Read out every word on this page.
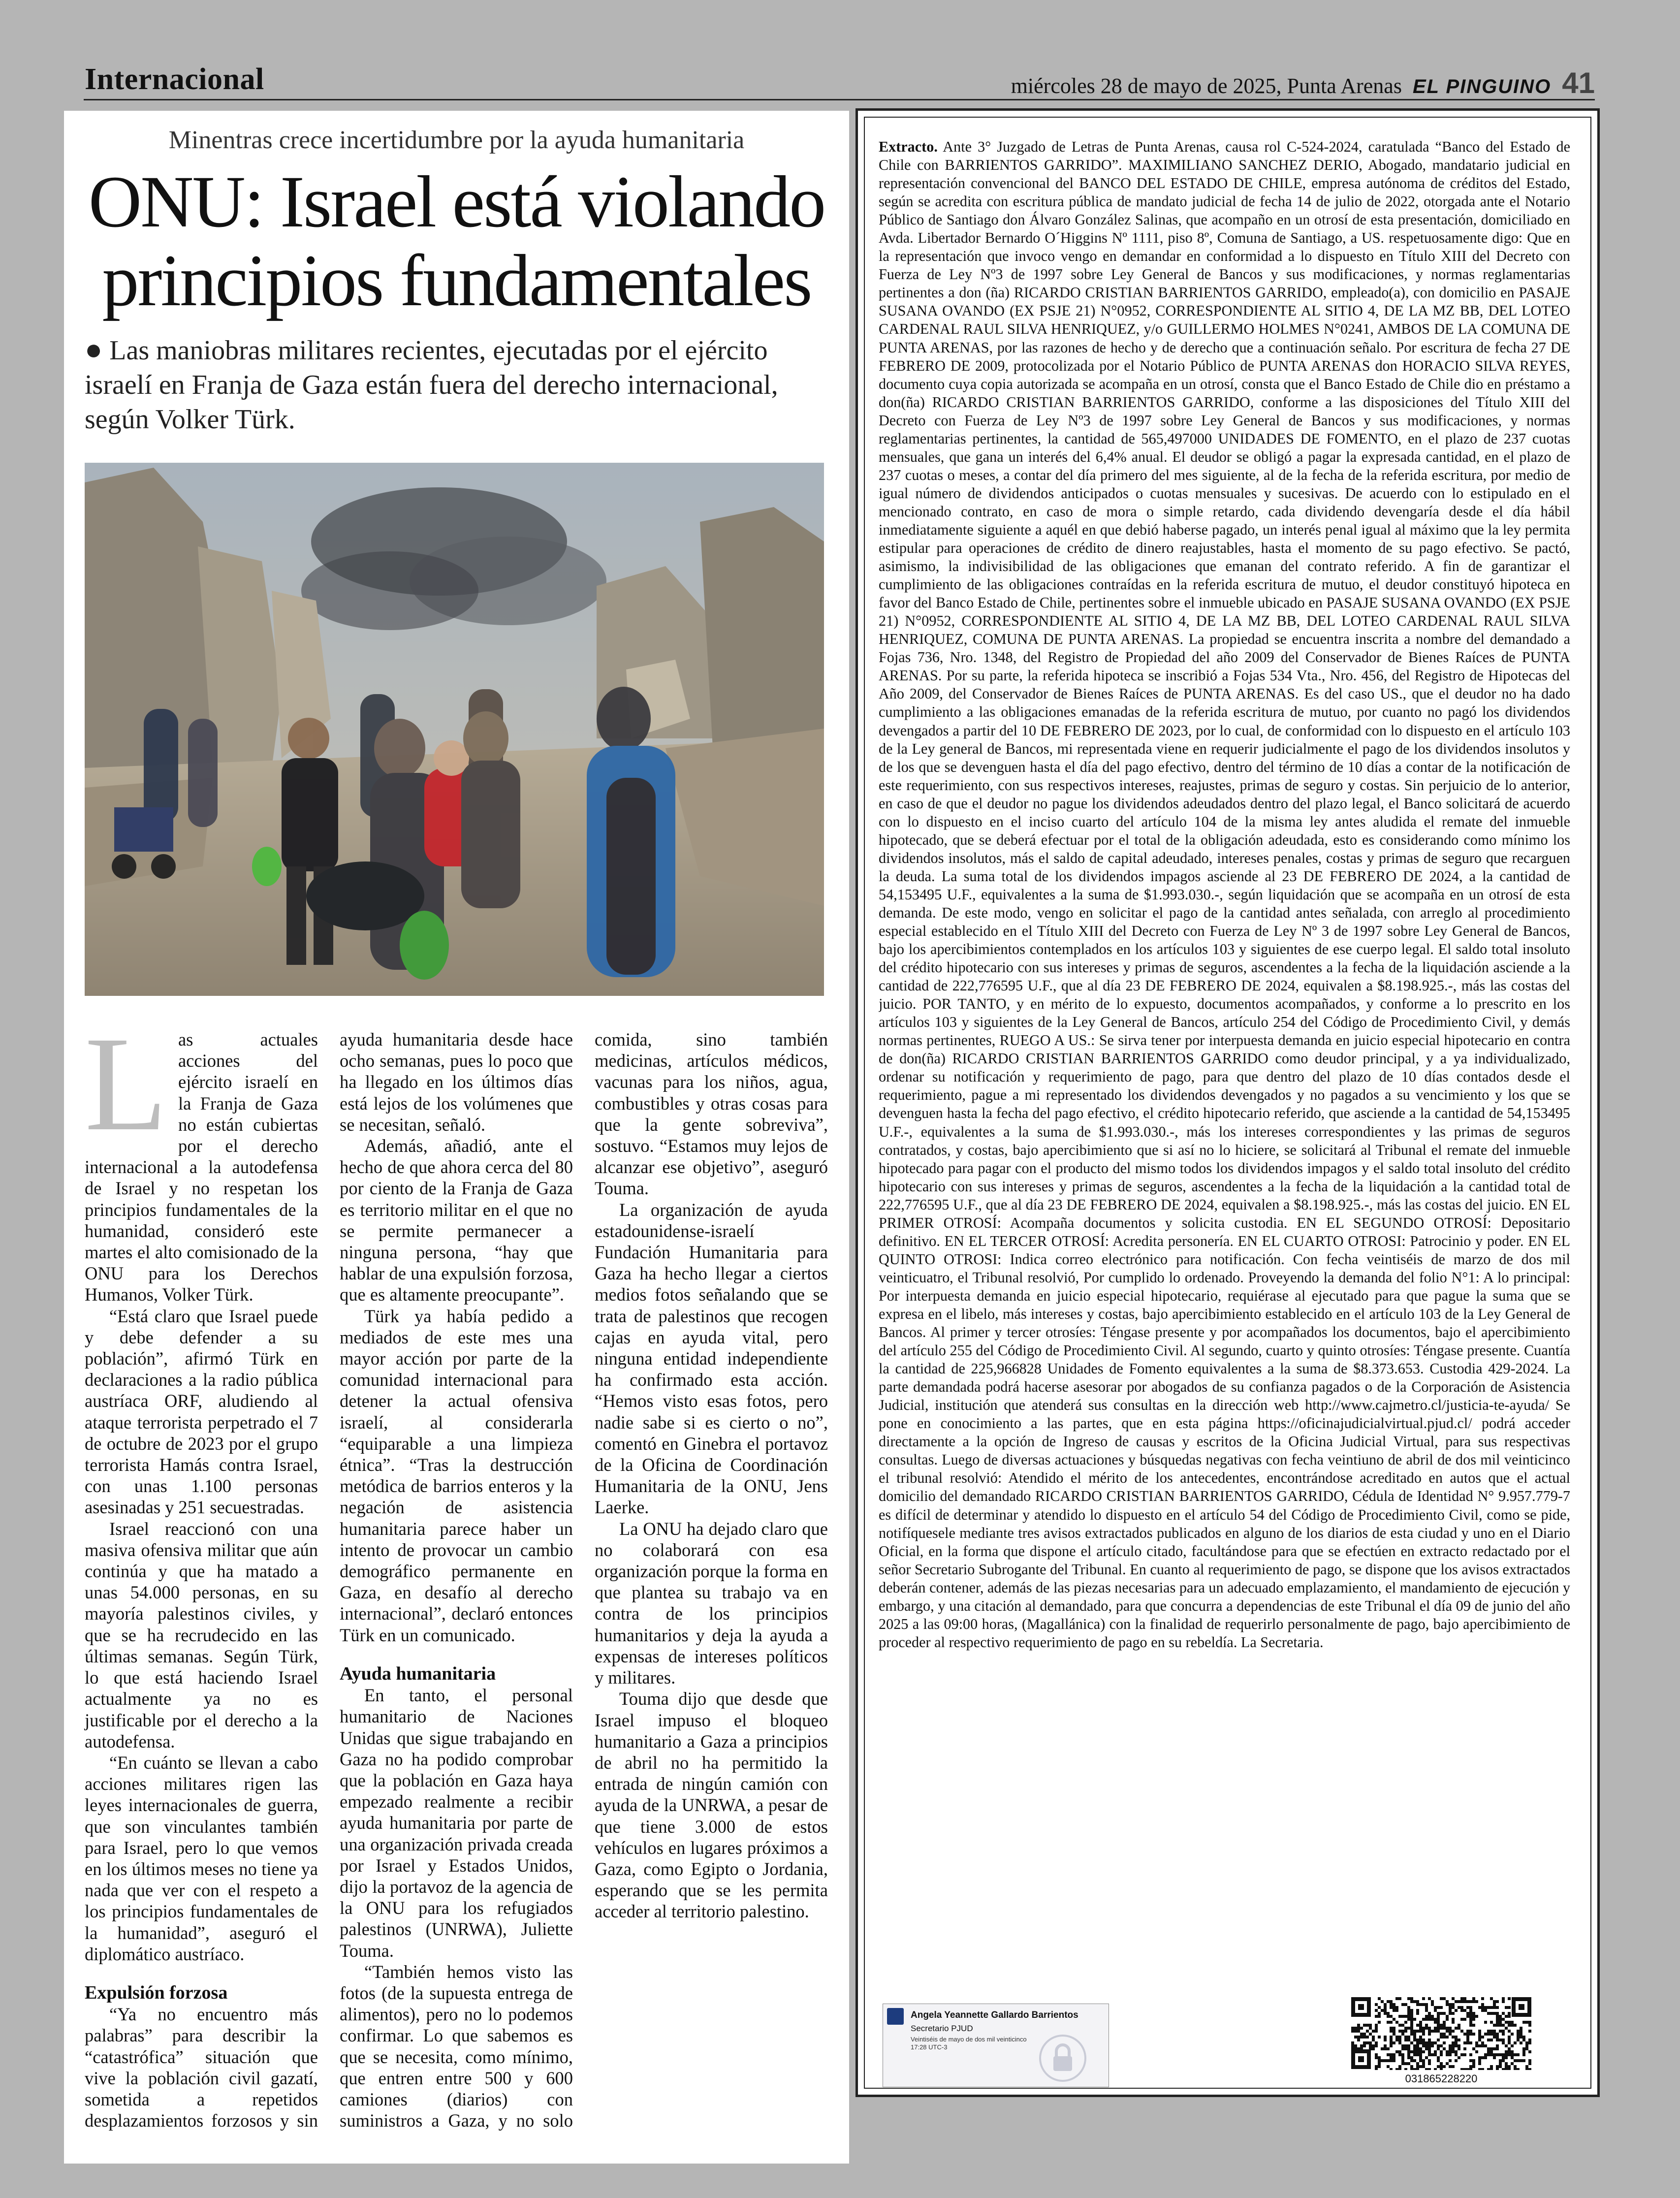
Internacional	miércoles 28 de mayo de 2025, Punta Arenas EL PINGUINO 41
Minentras crece incertidumbre por la ayuda humanitaria
ONU: Israel está violando
principios fundamentales
● Las maniobras militares recientes, ejecutadas por el ejército israelí en Franja de Gaza están fuera del derecho internacional, según Volker Türk.

Las actuales acciones del ejército israelí en la Franja de Gaza no están cubiertas por el derecho internacional a la autodefensa de Israel y no respetan los principios fundamentales de la humanidad, consideró este martes el alto comisionado de la ONU para los Derechos Humanos, Volker Türk.

“Está claro que Israel puede y debe defender a su población”, afirmó Türk en declaraciones a la radio pública austríaca ORF, aludiendo al ataque terrorista perpetrado el 7 de octubre de 2023 por el grupo terrorista Hamás contra Israel, con unas 1.100 personas asesinadas y 251 secuestradas.

Israel reaccionó con una masiva ofensiva militar que aún continúa y que ha matado a unas 54.000 personas, en su mayoría palestinos civiles, y que se ha recrudecido en las últimas semanas. Según Türk, lo que está haciendo Israel actualmente ya no es justificable por el derecho a la autodefensa.

“En cuánto se llevan a cabo acciones militares rigen las leyes internacionales de guerra, que son vinculantes también para Israel, pero lo que vemos en los últimos meses no tiene ya nada que ver con el respeto a los principios fundamentales de la humanidad”, aseguró el diplomático austríaco.

Expulsión forzosa

“Ya no encuentro más palabras” para describir la “catastrófica” situación que vive la población civil gazatí, sometida a repetidos desplazamientos forzosos y sin ayuda humanitaria desde hace ocho semanas, pues lo poco que ha llegado en los últimos días está lejos de los volúmenes que se necesitan, señaló.

Además, añadió, ante el hecho de que ahora cerca del 80 por ciento de la Franja de Gaza es territorio militar en el que no se permite permanecer a ninguna persona, “hay que hablar de una expulsión forzosa, que es altamente preocupante”.

Türk ya había pedido a mediados de este mes una mayor acción por parte de la comunidad internacional para detener la actual ofensiva israelí, al considerarla “equiparable a una limpieza étnica”. “Tras la destrucción metódica de barrios enteros y la negación de asistencia humanitaria parece haber un intento de provocar un cambio demográfico permanente en Gaza, en desafío al derecho internacional”, declaró entonces Türk en un comunicado.

Ayuda humanitaria

En tanto, el personal humanitario de Naciones Unidas que sigue trabajando en Gaza no ha podido comprobar que la población en Gaza haya empezado realmente a recibir ayuda humanitaria por parte de una organización privada creada por Israel y Estados Unidos, dijo la portavoz de la agencia de la ONU para los refugiados palestinos (UNRWA), Juliette Touma.

“También hemos visto las fotos (de la supuesta entrega de alimentos), pero no lo podemos confirmar. Lo que sabemos es que se necesita, como mínimo, que entren entre 500 y 600 camiones (diarios) con suministros a Gaza, y no solo comida, sino también medicinas, artículos médicos, vacunas para los niños, agua, combustibles y otras cosas para que la gente sobreviva”, sostuvo. “Estamos muy lejos de alcanzar ese objetivo”, aseguró Touma.

La organización de ayuda estadounidense-israelí Fundación Humanitaria para Gaza ha hecho llegar a ciertos medios fotos señalando que se trata de palestinos que recogen cajas en ayuda vital, pero ninguna entidad independiente ha confirmado esta acción. “Hemos visto esas fotos, pero nadie sabe si es cierto o no”, comentó en Ginebra el portavoz de la Oficina de Coordinación Humanitaria de la ONU, Jens Laerke.

La ONU ha dejado claro que no colaborará con esa organización porque la forma en que plantea su trabajo va en contra de los principios humanitarios y deja la ayuda a expensas de intereses políticos y militares.

Touma dijo que desde que Israel impuso el bloqueo humanitario a Gaza a principios de abril no ha permitido la entrada de ningún camión con ayuda de la UNRWA, a pesar de que tiene 3.000 de estos vehículos en lugares próximos a Gaza, como Egipto o Jordania, esperando que se les permita acceder al territorio palestino.

Extracto. Ante 3° Juzgado de Letras de Punta Arenas, causa rol C-524-2024, caratulada “Banco del Estado de Chile con BARRIENTOS GARRIDO”. MAXIMILIANO SANCHEZ DERIO, Abogado, mandatario judicial en representación convencional del BANCO DEL ESTADO DE CHILE, empresa autónoma de créditos del Estado, según se acredita con escritura pública de mandato judicial de fecha 14 de julio de 2022, otorgada ante el Notario Público de Santiago don Álvaro González Salinas, que acompaño en un otrosí de esta presentación, domiciliado en Avda. Libertador Bernardo O´Higgins Nº 1111, piso 8º, Comuna de Santiago, a US. respetuosamente digo: Que en la representación que invoco vengo en demandar en conformidad a lo dispuesto en Título XIII del Decreto con Fuerza de Ley Nº3 de 1997 sobre Ley General de Bancos y sus modificaciones, y normas reglamentarias pertinentes a don (ña) RICARDO CRISTIAN BARRIENTOS GARRIDO, empleado(a), con domicilio en PASAJE SUSANA OVANDO (EX PSJE 21) N°0952, CORRESPONDIENTE AL SITIO 4, DE LA MZ BB, DEL LOTEO CARDENAL RAUL SILVA HENRIQUEZ, y/o GUILLERMO HOLMES N°0241, AMBOS DE LA COMUNA DE PUNTA ARENAS, por las razones de hecho y de derecho que a continuación señalo. Por escritura de fecha 27 DE FEBRERO DE 2009, protocolizada por el Notario Público de PUNTA ARENAS don HORACIO SILVA REYES, documento cuya copia autorizada se acompaña en un otrosí, consta que el Banco Estado de Chile dio en préstamo a don(ña) RICARDO CRISTIAN BARRIENTOS GARRIDO, conforme a las disposiciones del Título XIII del Decreto con Fuerza de Ley Nº3 de 1997 sobre Ley General de Bancos y sus modificaciones, y normas reglamentarias pertinentes, la cantidad de 565,497000 UNIDADES DE FOMENTO, en el plazo de 237 cuotas mensuales, que gana un interés del 6,4% anual. El deudor se obligó a pagar la expresada cantidad, en el plazo de 237 cuotas o meses, a contar del día primero del mes siguiente, al de la fecha de la referida escritura, por medio de igual número de dividendos anticipados o cuotas mensuales y sucesivas. De acuerdo con lo estipulado en el mencionado contrato, en caso de mora o simple retardo, cada dividendo devengaría desde el día hábil inmediatamente siguiente a aquél en que debió haberse pagado, un interés penal igual al máximo que la ley permita estipular para operaciones de crédito de dinero reajustables, hasta el momento de su pago efectivo. Se pactó, asimismo, la indivisibilidad de las obligaciones que emanan del contrato referido. A fin de garantizar el cumplimiento de las obligaciones contraídas en la referida escritura de mutuo, el deudor constituyó hipoteca en favor del Banco Estado de Chile, pertinentes sobre el inmueble ubicado en PASAJE SUSANA OVANDO (EX PSJE 21) N°0952, CORRESPONDIENTE AL SITIO 4, DE LA MZ BB, DEL LOTEO CARDENAL RAUL SILVA HENRIQUEZ, COMUNA DE PUNTA ARENAS. La propiedad se encuentra inscrita a nombre del demandado a Fojas 736, Nro. 1348, del Registro de Propiedad del año 2009 del Conservador de Bienes Raíces de PUNTA ARENAS. Por su parte, la referida hipoteca se inscribió a Fojas 534 Vta., Nro. 456, del Registro de Hipotecas del Año 2009, del Conservador de Bienes Raíces de PUNTA ARENAS. Es del caso US., que el deudor no ha dado cumplimiento a las obligaciones emanadas de la referida escritura de mutuo, por cuanto no pagó los dividendos devengados a partir del 10 DE FEBRERO DE 2023, por lo cual, de conformidad con lo dispuesto en el artículo 103 de la Ley general de Bancos, mi representada viene en requerir judicialmente el pago de los dividendos insolutos y de los que se devenguen hasta el día del pago efectivo, dentro del término de 10 días a contar de la notificación de este requerimiento, con sus respectivos intereses, reajustes, primas de seguro y costas. Sin perjuicio de lo anterior, en caso de que el deudor no pague los dividendos adeudados dentro del plazo legal, el Banco solicitará de acuerdo con lo dispuesto en el inciso cuarto del artículo 104 de la misma ley antes aludida el remate del inmueble hipotecado, que se deberá efectuar por el total de la obligación adeudada, esto es considerando como mínimo los dividendos insolutos, más el saldo de capital adeudado, intereses penales, costas y primas de seguro que recarguen la deuda. La suma total de los dividendos impagos asciende al 23 DE FEBRERO DE 2024, a la cantidad de 54,153495 U.F., equivalentes a la suma de $1.993.030.-, según liquidación que se acompaña en un otrosí de esta demanda. De este modo, vengo en solicitar el pago de la cantidad antes señalada, con arreglo al procedimiento especial establecido en el Título XIII del Decreto con Fuerza de Ley Nº 3 de 1997 sobre Ley General de Bancos, bajo los apercibimientos contemplados en los artículos 103 y siguientes de ese cuerpo legal. El saldo total insoluto del crédito hipotecario con sus intereses y primas de seguros, ascendentes a la fecha de la liquidación asciende a la cantidad de 222,776595 U.F., que al día 23 DE FEBRERO DE 2024, equivalen a $8.198.925.-, más las costas del juicio. POR TANTO, y en mérito de lo expuesto, documentos acompañados, y conforme a lo prescrito en los artículos 103 y siguientes de la Ley General de Bancos, artículo 254 del Código de Procedimiento Civil, y demás normas pertinentes, RUEGO A US.: Se sirva tener por interpuesta demanda en juicio especial hipotecario en contra de don(ña) RICARDO CRISTIAN BARRIENTOS GARRIDO como deudor principal, y a ya individualizado, ordenar su notificación y requerimiento de pago, para que dentro del plazo de 10 días contados desde el requerimiento, pague a mi representado los dividendos devengados y no pagados a su vencimiento y los que se devenguen hasta la fecha del pago efectivo, el crédito hipotecario referido, que asciende a la cantidad de 54,153495 U.F.-, equivalentes a la suma de $1.993.030.-, más los intereses correspondientes y las primas de seguros contratados, y costas, bajo apercibimiento que si así no lo hiciere, se solicitará al Tribunal el remate del inmueble hipotecado para pagar con el producto del mismo todos los dividendos impagos y el saldo total insoluto del crédito hipotecario con sus intereses y primas de seguros, ascendentes a la fecha de la liquidación a la cantidad total de 222,776595 U.F., que al día 23 DE FEBRERO DE 2024, equivalen a $8.198.925.-, más las costas del juicio. EN EL PRIMER OTROSÍ: Acompaña documentos y solicita custodia. EN EL SEGUNDO OTROSÍ: Depositario definitivo. EN EL TERCER OTROSÍ: Acredita personería. EN EL CUARTO OTROSI: Patrocinio y poder. EN EL QUINTO OTROSI: Indica correo electrónico para notificación. Con fecha veintiséis de marzo de dos mil veinticuatro, el Tribunal resolvió, Por cumplido lo ordenado. Proveyendo la demanda del folio N°1: A lo principal: Por interpuesta demanda en juicio especial hipotecario, requiérase al ejecutado para que pague la suma que se expresa en el libelo, más intereses y costas, bajo apercibimiento establecido en el artículo 103 de la Ley General de Bancos. Al primer y tercer otrosíes: Téngase presente y por acompañados los documentos, bajo el apercibimiento del artículo 255 del Código de Procedimiento Civil. Al segundo, cuarto y quinto otrosíes: Téngase presente. Cuantía la cantidad de 225,966828 Unidades de Fomento equivalentes a la suma de $8.373.653. Custodia 429-2024. La parte demandada podrá hacerse asesorar por abogados de su confianza pagados o de la Corporación de Asistencia Judicial, institución que atenderá sus consultas en la dirección web http://www.cajmetro.cl/justicia-te-ayuda/ Se pone en conocimiento a las partes, que en esta página https://oficinajudicialvirtual.pjud.cl/ podrá acceder directamente a la opción de Ingreso de causas y escritos de la Oficina Judicial Virtual, para sus respectivas consultas. Luego de diversas actuaciones y búsquedas negativas con fecha veintiuno de abril de dos mil veinticinco el tribunal resolvió: Atendido el mérito de los antecedentes, encontrándose acreditado en autos que el actual domicilio del demandado RICARDO CRISTIAN BARRIENTOS GARRIDO, Cédula de Identidad N° 9.957.779-7 es difícil de determinar y atendido lo dispuesto en el artículo 54 del Código de Procedimiento Civil, como se pide, notifíquesele mediante tres avisos extractados publicados en alguno de los diarios de esta ciudad y uno en el Diario Oficial, en la forma que dispone el artículo citado, facultándose para que se efectúen en extracto redactado por el señor Secretario Subrogante del Tribunal. En cuanto al requerimiento de pago, se dispone que los avisos extractados deberán contener, además de las piezas necesarias para un adecuado emplazamiento, el mandamiento de ejecución y embargo, y una citación al demandado, para que concurra a dependencias de este Tribunal el día 09 de junio del año 2025 a las 09:00 horas, (Magallánica) con la finalidad de requerirlo personalmente de pago, bajo apercibimiento de proceder al respectivo requerimiento de pago en su rebeldía. La Secretaria.
Angela Yeannette Gallardo Barrientos
Secretario PJUD
Veintiséis de mayo de dos mil veinticinco 17:28 UTC-3
031865228220
